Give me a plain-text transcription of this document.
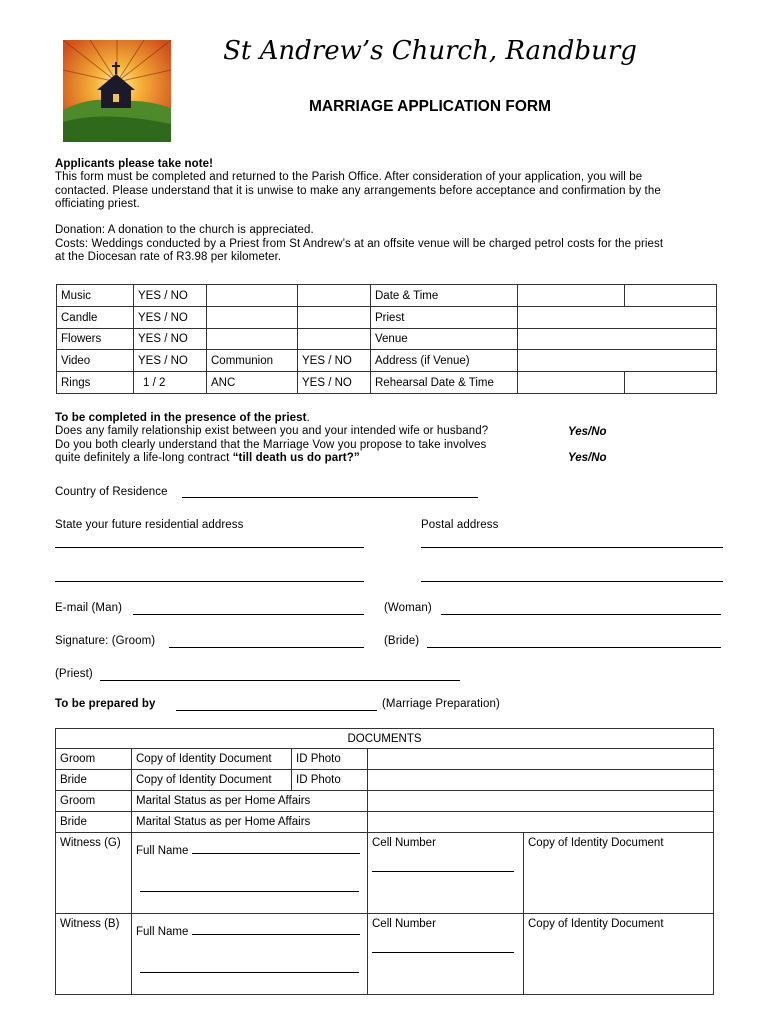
St Andrew’s Church, Randburg
MARRIAGE APPLICATION FORM
Applicants please take note!
This form must be completed and returned to the Parish Office. After consideration of your application, you will be
contacted. Please understand that it is unwise to make any arrangements before acceptance and confirmation by the
officiating priest.
Donation: A donation to the church is appreciated.
Costs: Weddings conducted by a Priest from St Andrew’s at an offsite venue will be charged petrol costs for the priest
at the Diocesan rate of R3.98 per kilometer.
Music	YES / NO			Date & Time		
Candle	YES / NO			Priest		
Flowers	YES / NO			Venue		
Video	YES / NO	Communion	YES / NO	Address (if Venue)		
Rings	1 / 2	ANC	YES / NO	Rehearsal Date & Time		
To be completed in the presence of the priest.
Does any family relationship exist between you and your intended wife or husband?	Yes/No
Do you both clearly understand that the Marriage Vow you propose to take involves
quite definitely a life-long contract “till death us do part?”	Yes/No
Country of Residence
State your future residential address	Postal address
E-mail (Man)	(Woman)
Signature: (Groom)	(Bride)
(Priest)
To be prepared by	(Marriage Preparation)
DOCUMENTS				
Groom	Copy of Identity Document	ID Photo		
Bride	Copy of Identity Document	ID Photo		
Groom	Marital Status as per Home Affairs			
Bride	Marital Status as per Home Affairs			
Witness (G)	Full Name		Cell Number	Copy of Identity Document

Witness (B)	Full Name		Cell Number	Copy of Identity Document
